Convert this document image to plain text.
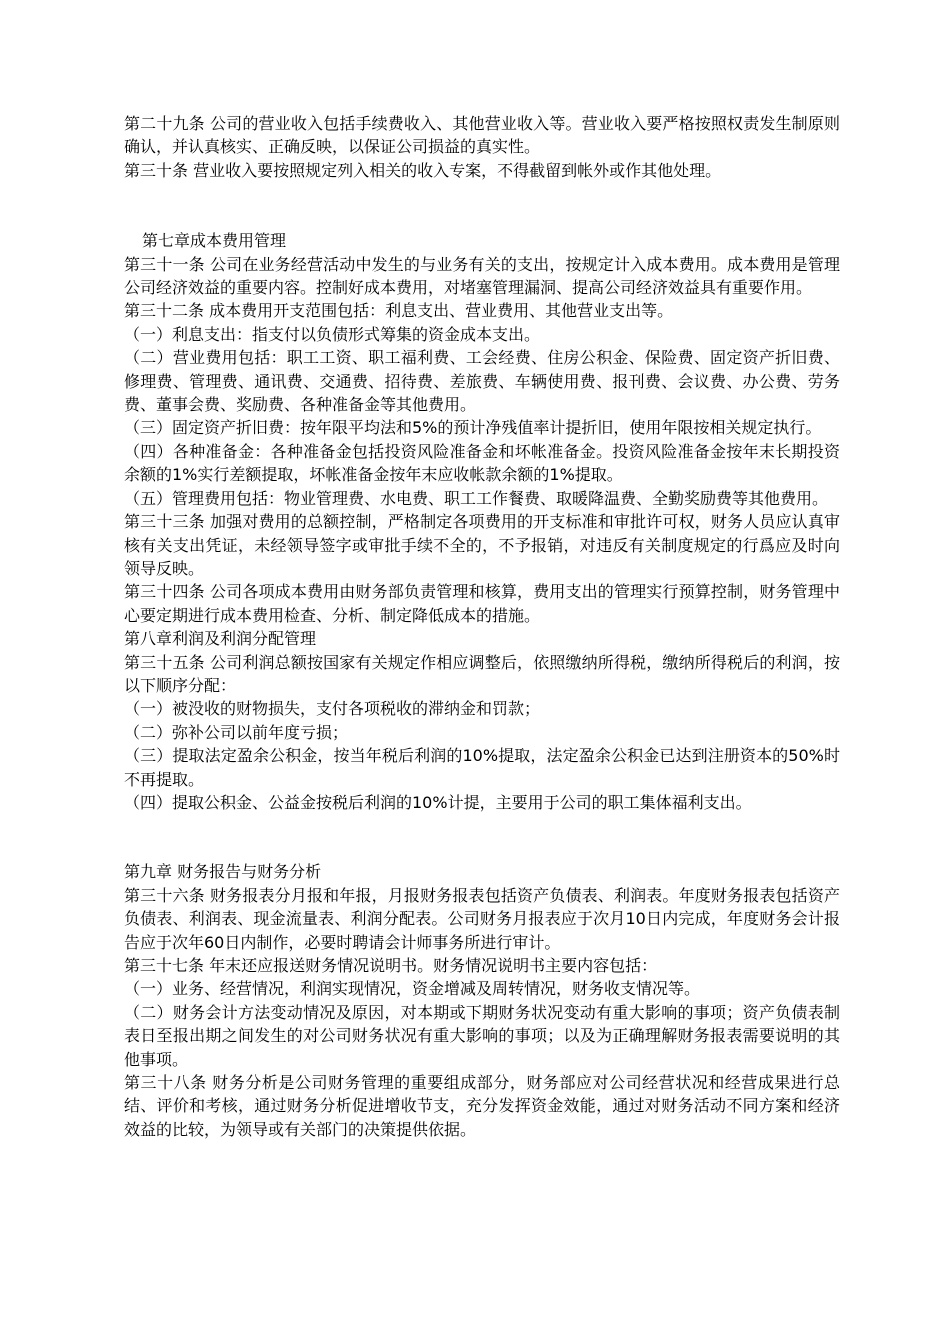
第二十九条 公司的营业收入包括手续费收入、其他营业收入等。营业收入要严格按照权责发生制原则确认，并认真核实、正确反映，以保证公司损益的真实性。

第三十条 营业收入要按照规定列入相关的收入专案，不得截留到帐外或作其他处理。

第七章成本费用管理

第三十一条 公司在业务经营活动中发生的与业务有关的支出，按规定计入成本费用。成本费用是管理公司经济效益的重要内容。控制好成本费用，对堵塞管理漏洞、提高公司经济效益具有重要作用。

第三十二条 成本费用开支范围包括：利息支出、营业费用、其他营业支出等。

（一）利息支出：指支付以负债形式筹集的资金成本支出。

（二）营业费用包括：职工工资、职工福利费、工会经费、住房公积金、保险费、固定资产折旧费、修理费、管理费、通讯费、交通费、招待费、差旅费、车辆使用费、报刊费、会议费、办公费、劳务费、董事会费、奖励费、各种准备金等其他费用。

（三）固定资产折旧费：按年限平均法和5%的预计净残值率计提折旧，使用年限按相关规定执行。

（四）各种准备金：各种准备金包括投资风险准备金和坏帐准备金。投资风险准备金按年末长期投资余额的1%实行差额提取，坏帐准备金按年末应收帐款余额的1%提取。

（五）管理费用包括：物业管理费、水电费、职工工作餐费、取暖降温费、全勤奖励费等其他费用。

第三十三条 加强对费用的总额控制，严格制定各项费用的开支标准和审批许可权，财务人员应认真审核有关支出凭证，未经领导签字或审批手续不全的，不予报销，对违反有关制度规定的行爲应及时向领导反映。

第三十四条 公司各项成本费用由财务部负责管理和核算，费用支出的管理实行预算控制，财务管理中心要定期进行成本费用检查、分析、制定降低成本的措施。

第八章利润及利润分配管理

第三十五条 公司利润总额按国家有关规定作相应调整后，依照缴纳所得税，缴纳所得税后的利润，按以下顺序分配：

（一）被没收的财物损失，支付各项税收的滞纳金和罚款；

（二）弥补公司以前年度亏损；

（三）提取法定盈余公积金，按当年税后利润的10%提取，法定盈余公积金已达到注册资本的50%时不再提取。

（四）提取公积金、公益金按税后利润的10%计提，主要用于公司的职工集体福利支出。

第九章 财务报告与财务分析

第三十六条 财务报表分月报和年报，月报财务报表包括资产负债表、利润表。年度财务报表包括资产负债表、利润表、现金流量表、利润分配表。公司财务月报表应于次月10日内完成，年度财务会计报告应于次年60日内制作，必要时聘请会计师事务所进行审计。

第三十七条 年末还应报送财务情况说明书。财务情况说明书主要内容包括：

（一）业务、经营情况，利润实现情况，资金增减及周转情况，财务收支情况等。

（二）财务会计方法变动情况及原因，对本期或下期财务状况变动有重大影响的事项；资产负债表制表日至报出期之间发生的对公司财务状况有重大影响的事项；以及为正确理解财务报表需要说明的其他事项。

第三十八条 财务分析是公司财务管理的重要组成部分，财务部应对公司经营状况和经营成果进行总结、评价和考核，通过财务分析促进增收节支，充分发挥资金效能，通过对财务活动不同方案和经济效益的比较，为领导或有关部门的决策提供依据。
